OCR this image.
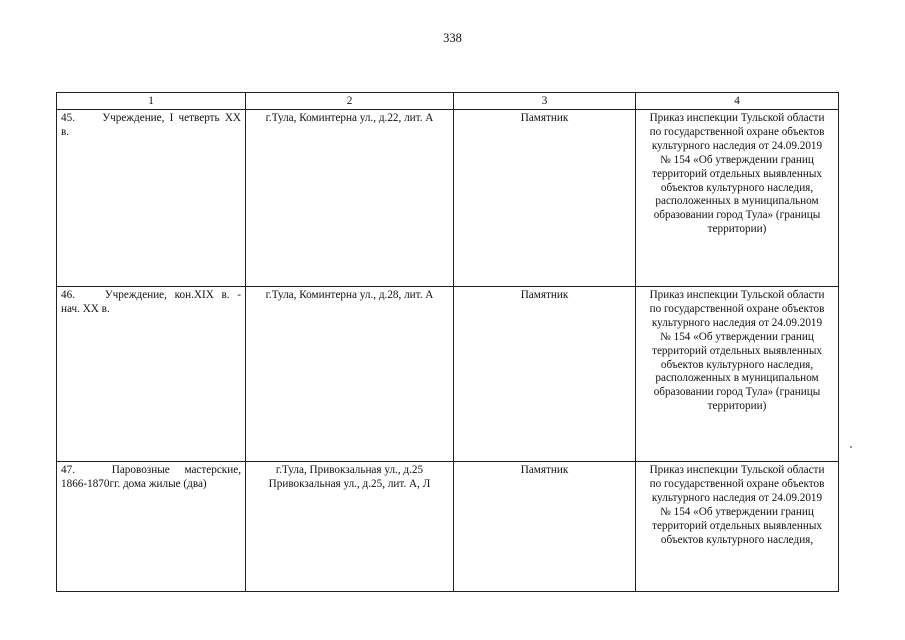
338
1	2	3	4
45. Учреждение, I четверть XX в.	г.Тула, Коминтерна ул., д.22, лит. А	Памятник	Приказ инспекции Тульской области по государственной охране объектов культурного наследия от 24.09.2019 № 154 «Об утверждении границ территорий отдельных выявленных объектов культурного наследия, расположенных в муниципальном образовании город Тула» (границы территории)
46. Учреждение, кон.XIX в. - нач. XX в.	г.Тула, Коминтерна ул., д.28, лит. А	Памятник	Приказ инспекции Тульской области по государственной охране объектов культурного наследия от 24.09.2019 № 154 «Об утверждении границ территорий отдельных выявленных объектов культурного наследия, расположенных в муниципальном образовании город Тула» (границы территории)
47. Паровозные мастерские, 1866-1870гг. дома жилые (два)	г.Тула, Привокзальная ул., д.25 Привокзальная ул., д.25, лит. А, Л	Памятник	Приказ инспекции Тульской области по государственной охране объектов культурного наследия от 24.09.2019 № 154 «Об утверждении границ территорий отдельных выявленных объектов культурного наследия,
